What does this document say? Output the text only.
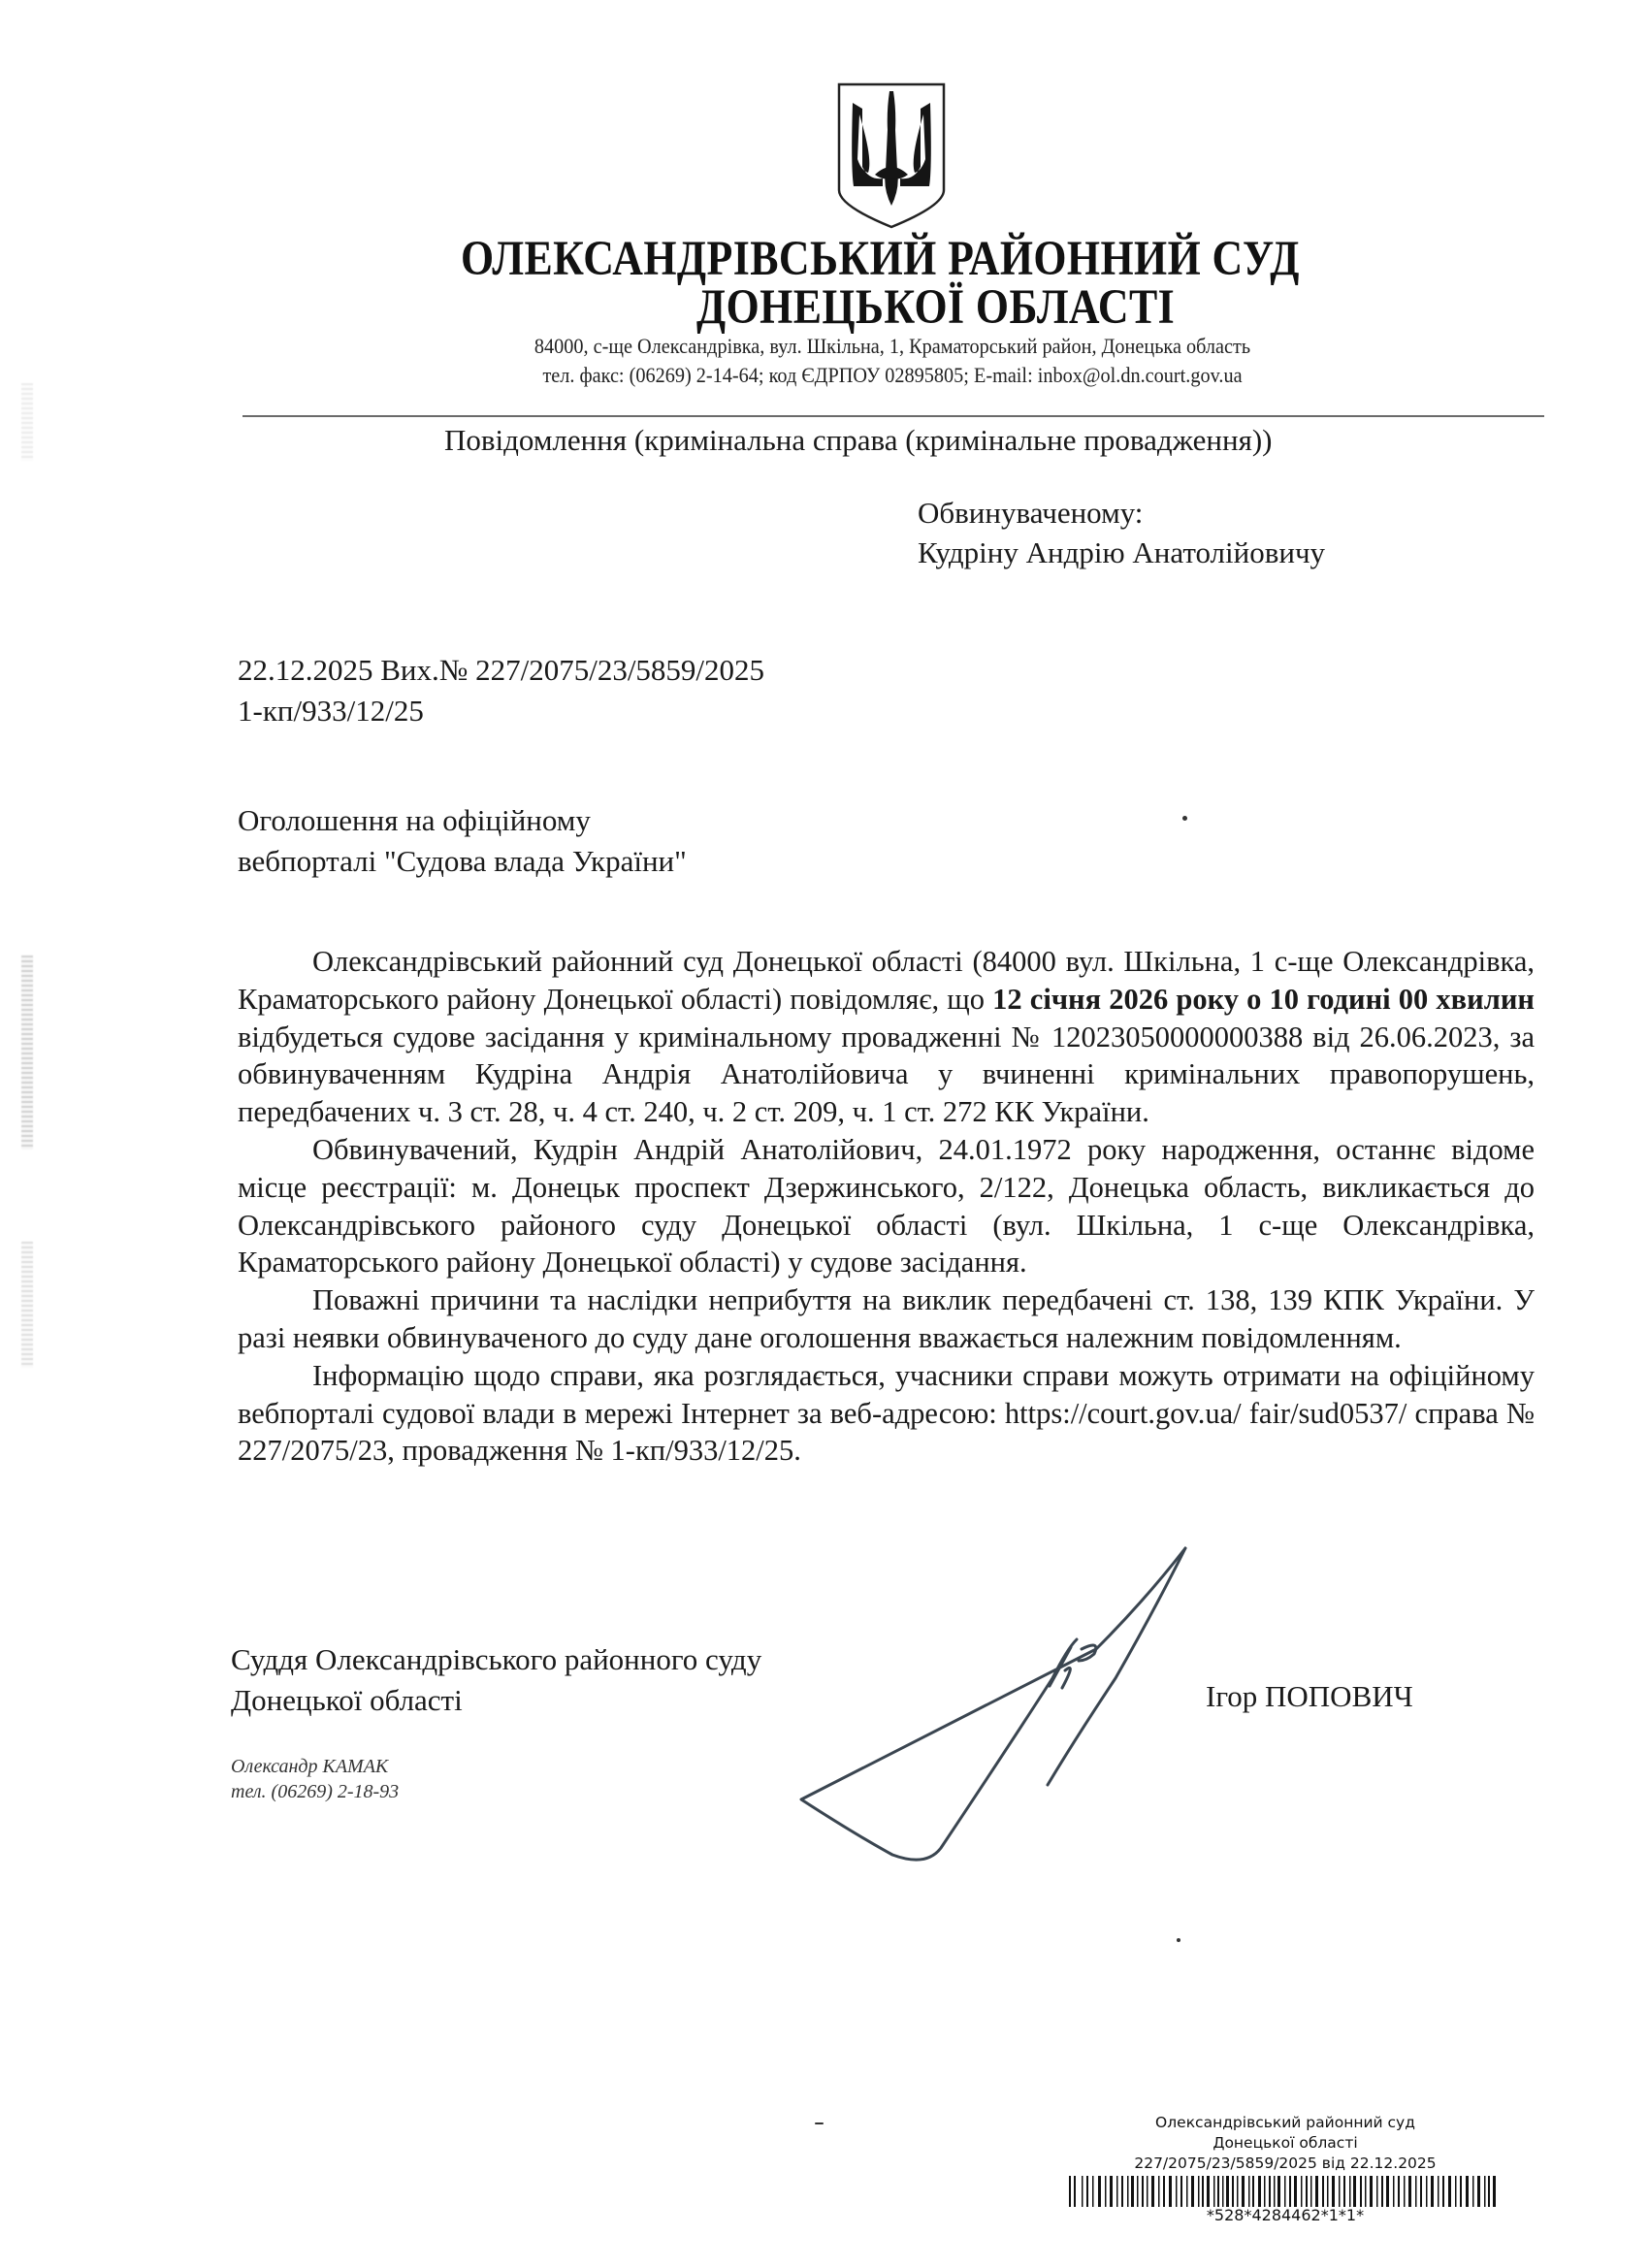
ОЛЕКСАНДРІВСЬКИЙ РАЙОННИЙ СУД
ДОНЕЦЬКОЇ ОБЛАСТІ
84000, с-ще Олександрівка, вул. Шкільна, 1, Краматорський район, Донецька область
тел. факс: (06269) 2-14-64; код ЄДРПОУ 02895805; E-mail: inbox@ol.dn.court.gov.ua
Повідомлення (кримінальна справа (кримінальне провадження))
Обвинуваченому:
Кудріну Андрію Анатолійовичу
22.12.2025 Вих.№ 227/2075/23/5859/2025
1-кп/933/12/25
Оголошення на офіційному
вебпорталі "Судова влада України"

Олександрівський районний суд Донецької області (84000 вул. Шкільна, 1 с-ще Олександрівка, Краматорського району Донецької області) повідомляє, що 12 січня 2026 року о 10 годині 00 хвилин відбудеться судове засідання у кримінальному провадженні № 12023050000000388 від 26.06.2023, за обвинуваченням Кудріна Андрія Анатолійовича у вчиненні кримінальних правопорушень, передбачених ч. 3 ст. 28, ч. 4 ст. 240, ч. 2 ст. 209, ч. 1 ст. 272 КК України.

Обвинувачений, Кудрін Андрій Анатолійович, 24.01.1972 року народження, останнє відоме місце реєстрації: м. Донецьк проспект Дзержинського, 2/122, Донецька область, викликається до Олександрівського районого суду Донецької області (вул. Шкільна, 1 с-ще Олександрівка, Краматорського району Донецької області) у судове засідання.

Поважні причини та наслідки неприбуття на виклик передбачені ст. 138, 139 КПК України. У разі неявки обвинуваченого до суду дане оголошення вважається належним повідомленням.

Інформацію щодо справи, яка розглядається, учасники справи можуть отримати на офіційному вебпорталі судової влади в мережі Інтернет за веб-адресою: https://court.gov.ua/ fair/sud0537/ справа № 227/2075/23, провадження № 1-кп/933/12/25.

Суддя Олександрівського районного суду
Донецької області	Ігор ПОПОВИЧ
Олександр КАМАК
тел. (06269) 2-18-93
Олександрівський районний суд
Донецької області
227/2075/23/5859/2025 від 22.12.2025
*528*4284462*1*1*
